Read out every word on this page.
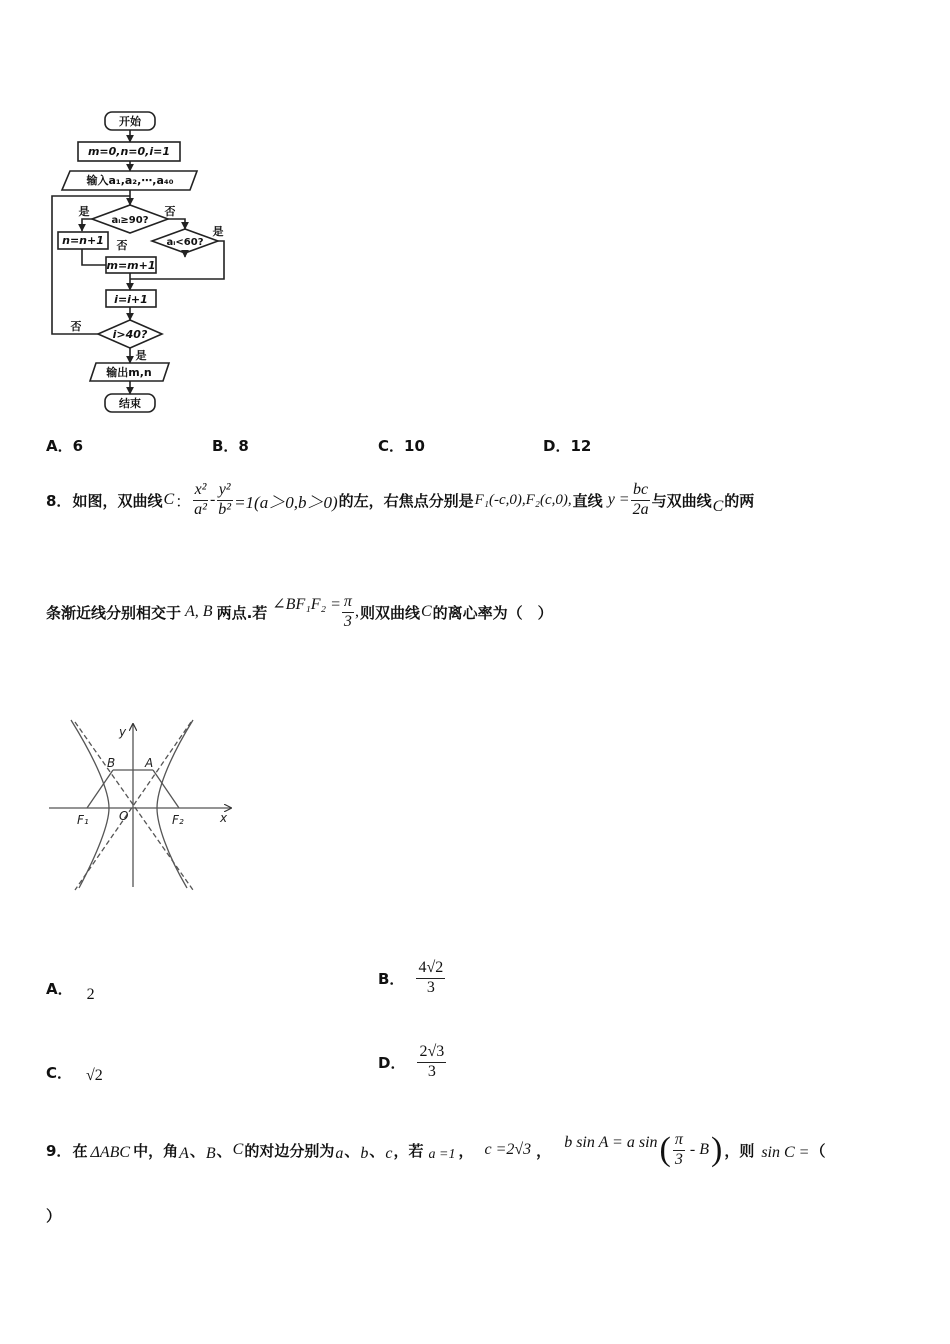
开始
m=0,n=0,i=1
输入a₁,a₂,⋯,a₄₀
aᵢ≥90?
是	否
n=n+1	aᵢ<60?
否
是
m=m+1
i=i+1
i>40?
否
是
输出m,n
结束
A．6	B．8	C．10	D．12
8． 如图，双曲线 C ： $\frac{\text{x²}}{\text{a²}} - \frac{\text{y²}}{\text{b²}} =1(a>0,b>0)$ 的左，右焦点分别是 F₁(-c,0),F₂(c,0), 直线 $y = \frac{bc}{2a}$ 与双曲线 C 的两
条渐近线分别相交于 A, B 两点.若 ∠BF₁F₂ = $\frac{\pi}{3}$ , 则双曲线 C 的离心率为（　）
y
x
B A
O
F₁	F₂
A． 2
B． $\frac{4√2}{3}$
C． √2
D． $\frac{2√3}{3}$
9． 在 ΔABC 中，角 A 、 B 、 C 的对边分别为 a 、 b 、 c ，若 a =1 ， c =2√3 ， b sin A = a sin ( $\frac{\pi}{3}$ - B ) ，则 sin C = （
）
